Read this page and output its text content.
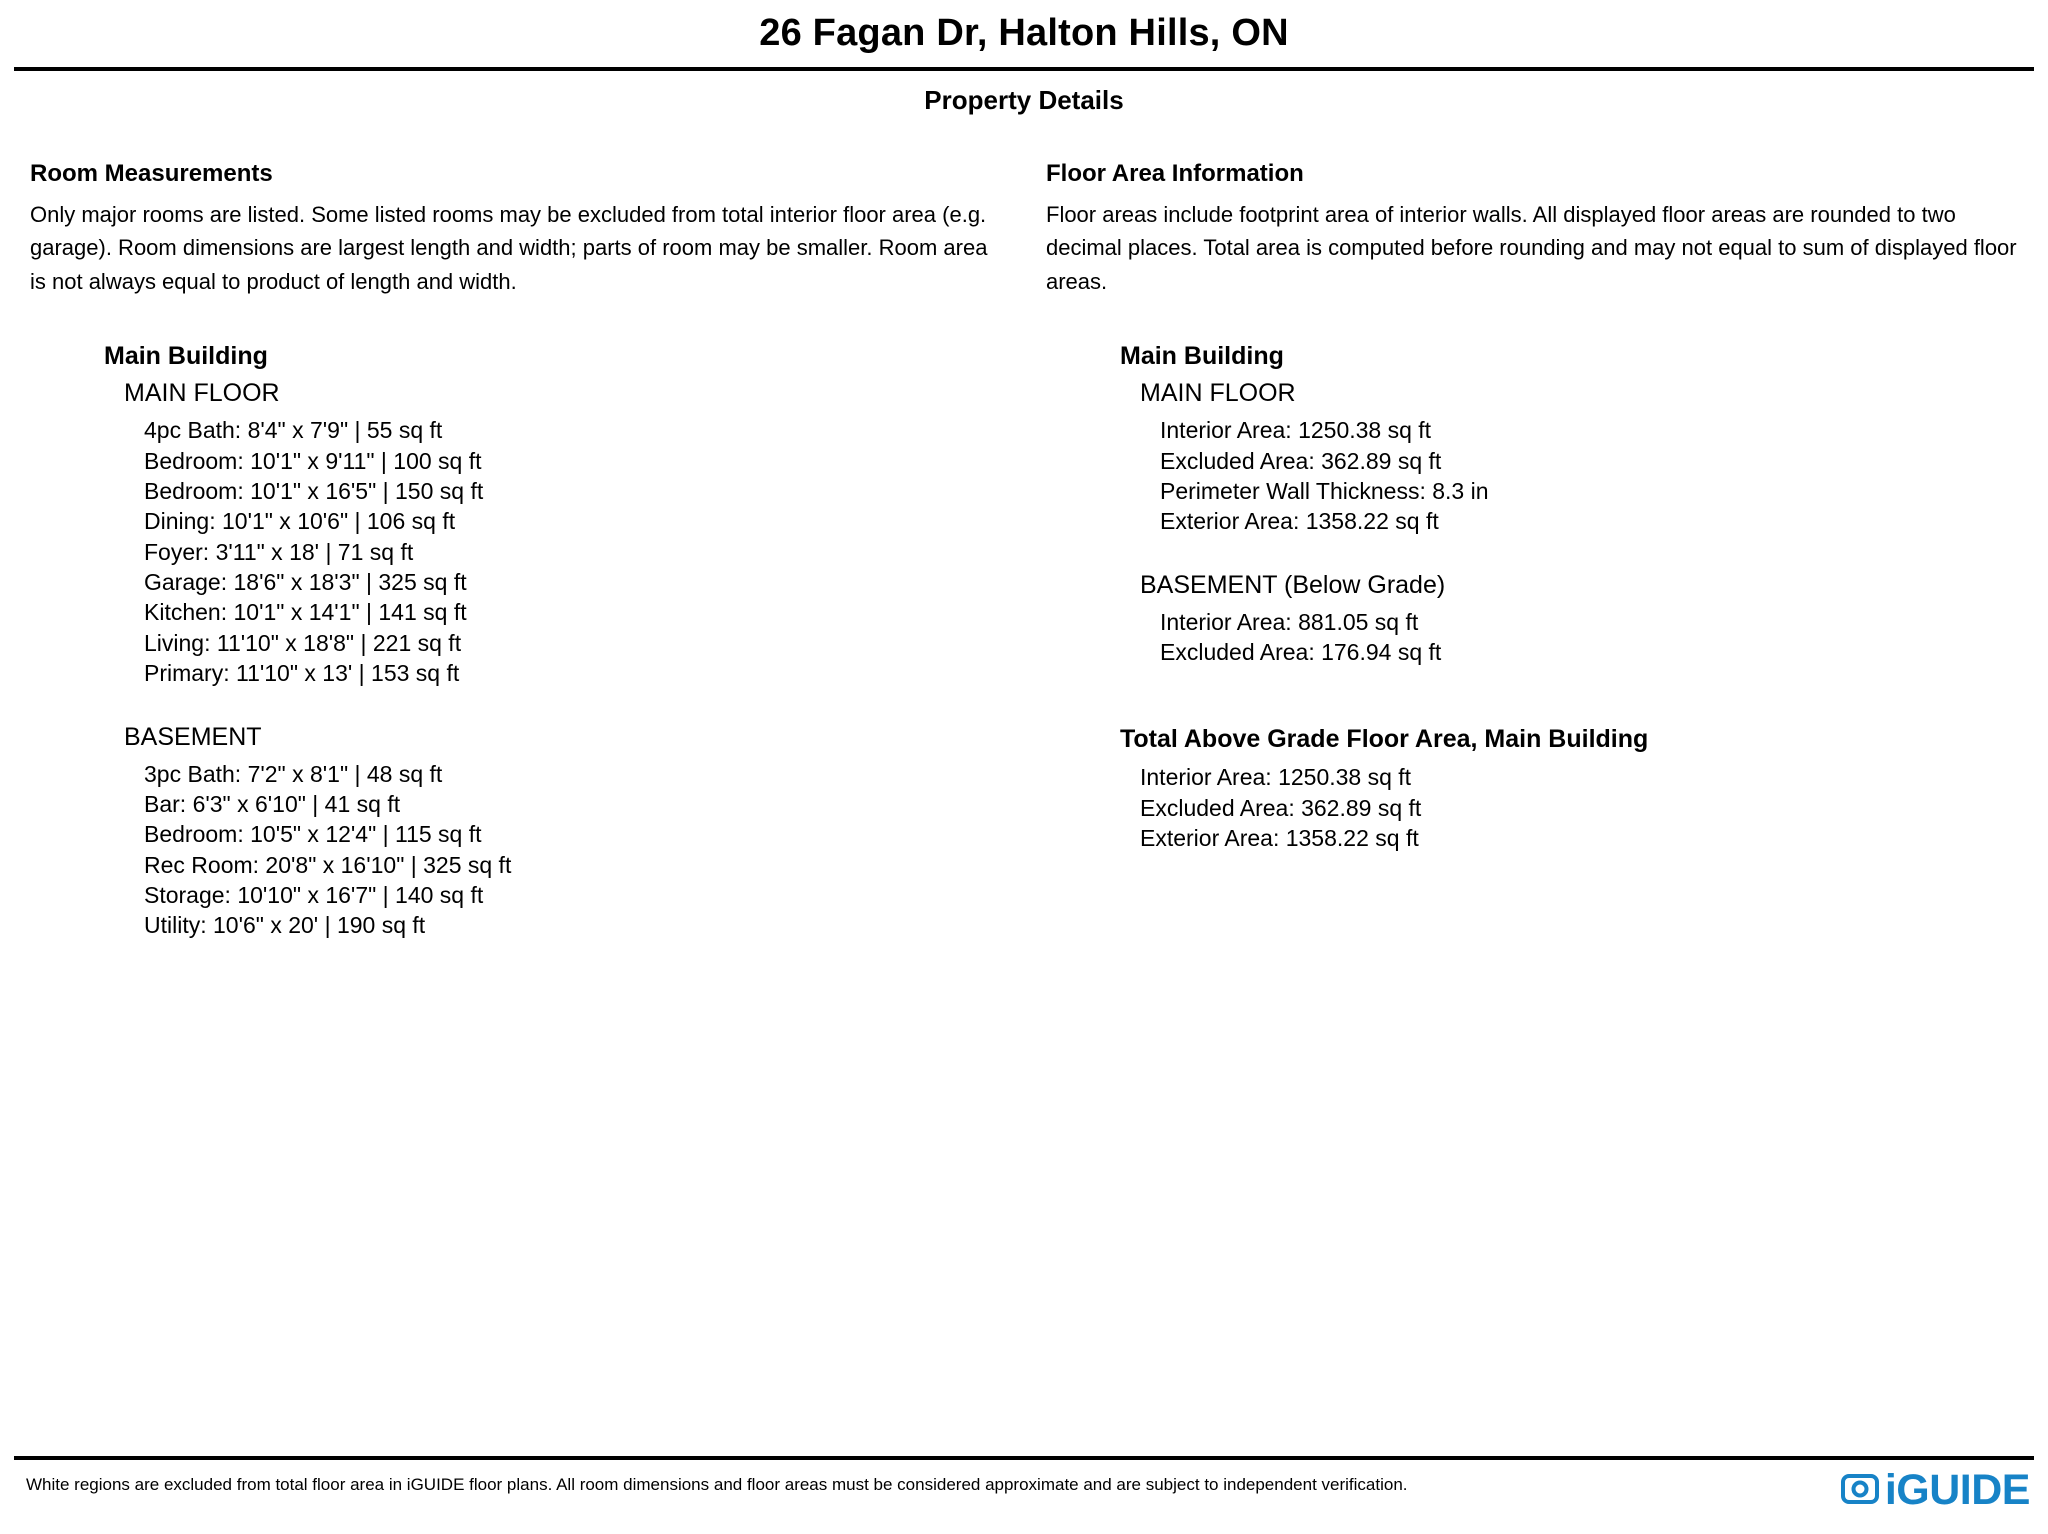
26 Fagan Dr, Halton Hills, ON
Property Details
Room Measurements

Only major rooms are listed. Some listed rooms may be excluded from total interior floor area (e.g. garage). Room dimensions are largest length and width; parts of room may be smaller. Room area is not always equal to product of length and width.

Main Building
MAIN FLOOR
4pc Bath: 8'4" x 7'9" | 55 sq ft
Bedroom: 10'1" x 9'11" | 100 sq ft
Bedroom: 10'1" x 16'5" | 150 sq ft
Dining: 10'1" x 10'6" | 106 sq ft
Foyer: 3'11" x 18' | 71 sq ft
Garage: 18'6" x 18'3" | 325 sq ft
Kitchen: 10'1" x 14'1" | 141 sq ft
Living: 11'10" x 18'8" | 221 sq ft
Primary: 11'10" x 13' | 153 sq ft
BASEMENT
3pc Bath: 7'2" x 8'1" | 48 sq ft
Bar: 6'3" x 6'10" | 41 sq ft
Bedroom: 10'5" x 12'4" | 115 sq ft
Rec Room: 20'8" x 16'10" | 325 sq ft
Storage: 10'10" x 16'7" | 140 sq ft
Utility: 10'6" x 20' | 190 sq ft
Floor Area Information

Floor areas include footprint area of interior walls. All displayed floor areas are rounded to two decimal places. Total area is computed before rounding and may not equal to sum of displayed floor areas.

Main Building
MAIN FLOOR
Interior Area: 1250.38 sq ft
Excluded Area: 362.89 sq ft
Perimeter Wall Thickness: 8.3 in
Exterior Area: 1358.22 sq ft
BASEMENT (Below Grade)
Interior Area: 881.05 sq ft
Excluded Area: 176.94 sq ft
Total Above Grade Floor Area, Main Building
Interior Area: 1250.38 sq ft
Excluded Area: 362.89 sq ft
Exterior Area: 1358.22 sq ft
White regions are excluded from total floor area in iGUIDE floor plans. All room dimensions and floor areas must be considered approximate and are subject to independent verification.	iGUIDE
